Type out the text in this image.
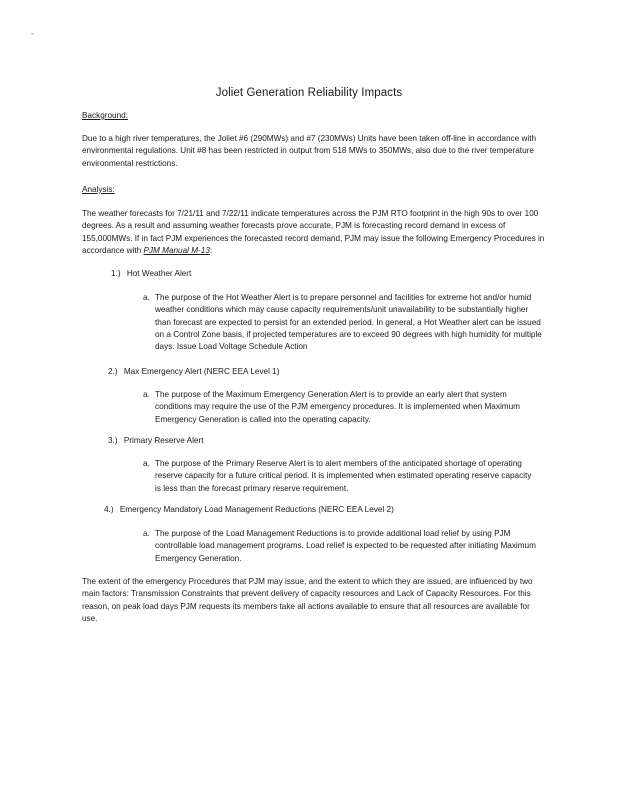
-
Joliet Generation Reliability Impacts
Background:

Due to a high river temperatures, the Joliet #6 (290MWs) and #7 (230MWs) Units have been taken off-line in accordance with environmental regulations. Unit #8 has been restricted in output from 518 MWs to 350MWs, also due to the river temperature environmental restrictions.

Analysis:

The weather forecasts for 7/21/11 and 7/22/11 indicate temperatures across the PJM RTO footprint in the high 90s to over 100 degrees. As a result and assuming weather forecasts prove accurate, PJM is forecasting record demand in excess of 155,000MWs. If in fact PJM experiences the forecasted record demand, PJM may issue the following Emergency Procedures in accordance with PJM Manual M-13:

1.) Hot Weather Alert
a. The purpose of the Hot Weather Alert is to prepare personnel and facilities for extreme hot and/or humid weather conditions which may cause capacity requirements/unit unavailability to be substantially higher than forecast are expected to persist for an extended period. In general, a Hot Weather alert can be issued on a Control Zone basis, if projected temperatures are to exceed 90 degrees with high humidity for multiple days. Issue Load Voltage Schedule Action
2.) Max Emergency Alert (NERC EEA Level 1)
a. The purpose of the Maximum Emergency Generation Alert is to provide an early alert that system conditions may require the use of the PJM emergency procedures. It is implemented when Maximum Emergency Generation is called into the operating capacity.
3.) Primary Reserve Alert
a. The purpose of the Primary Reserve Alert is to alert members of the anticipated shortage of operating reserve capacity for a future critical period. It is implemented when estimated operating reserve capacity is less than the forecast primary reserve requirement.
4.) Emergency Mandatory Load Management Reductions (NERC EEA Level 2)
a. The purpose of the Load Management Reductions is to provide additional load relief by using PJM controllable load management programs. Load relief is expected to be requested after initiating Maximum Emergency Generation.

The extent of the emergency Procedures that PJM may issue, and the extent to which they are issued, are influenced by two main factors: Transmission Constraints that prevent delivery of capacity resources and Lack of Capacity Resources. For this reason, on peak load days PJM requests its members take all actions available to ensure that all resources are available for use.
